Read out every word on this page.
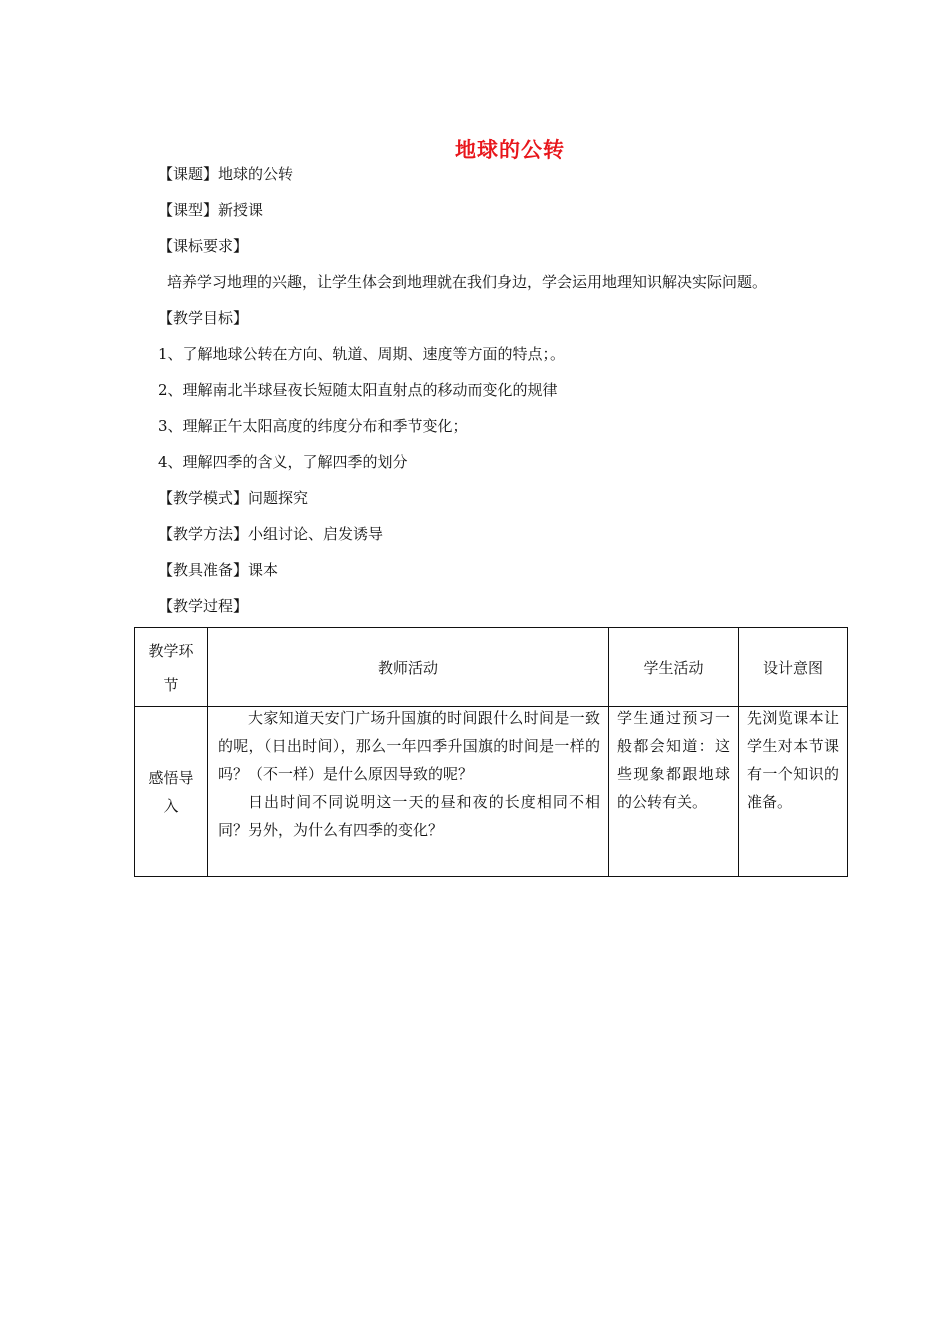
地球的公转
【课题】地球的公转
【课型】新授课
【课标要求】
培养学习地理的兴趣，让学生体会到地理就在我们身边，学会运用地理知识解决实际问题。
【教学目标】
1、了解地球公转在方向、轨道、周期、速度等方面的特点；。
2、理解南北半球昼夜长短随太阳直射点的移动而变化的规律
3、理解正午太阳高度的纬度分布和季节变化；
4、理解四季的含义，了解四季的划分
【教学模式】问题探究
【教学方法】小组讨论、启发诱导
【教具准备】课本
【教学过程】
教学环节	教师活动	学生活动	设计意图

感悟导入	大家知道天安门广场升国旗的时间跟什么时间是一致的呢，（日出时间），那么一年四季升国旗的时间是一样的吗？（不一样）是什么原因导致的呢？

日出时间不同说明这一天的昼和夜的长度相同不相同？另外，为什么有四季的变化？	学生通过预习一般都会知道：这些现象都跟地球的公转有关。	先浏览课本让学生对本节课有一个知识的准备。
